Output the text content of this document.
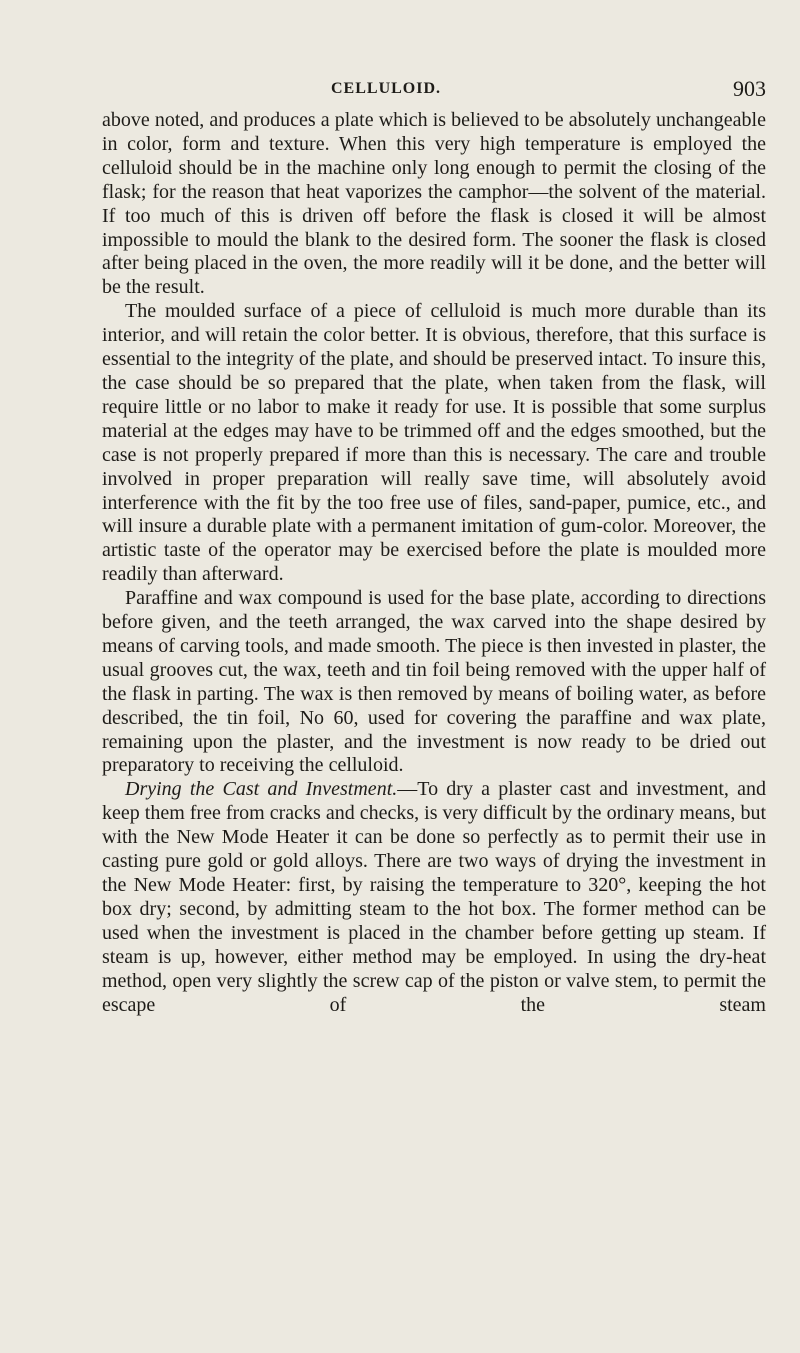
CELLULOID.	903

above noted, and produces a plate which is believed to be absolutely unchangeable in color, form and texture. When this very high temperature is employed the celluloid should be in the machine only long enough to permit the closing of the flask; for the reason that heat vaporizes the camphor—the solvent of the material. If too much of this is driven off before the flask is closed it will be almost impossible to mould the blank to the desired form. The sooner the flask is closed after being placed in the oven, the more readily will it be done, and the better will be the result.

The moulded surface of a piece of celluloid is much more durable than its interior, and will retain the color better. It is obvious, therefore, that this surface is essential to the integrity of the plate, and should be preserved intact. To insure this, the case should be so prepared that the plate, when taken from the flask, will require little or no labor to make it ready for use. It is possible that some surplus material at the edges may have to be trimmed off and the edges smoothed, but the case is not properly prepared if more than this is necessary. The care and trouble involved in proper preparation will really save time, will absolutely avoid interference with the fit by the too free use of files, sand-paper, pumice, etc., and will insure a durable plate with a permanent imitation of gum-color. Moreover, the artistic taste of the operator may be exercised before the plate is moulded more readily than afterward.

Paraffine and wax compound is used for the base plate, according to directions before given, and the teeth arranged, the wax carved into the shape desired by means of carving tools, and made smooth. The piece is then invested in plaster, the usual grooves cut, the wax, teeth and tin foil being removed with the upper half of the flask in parting. The wax is then removed by means of boiling water, as before described, the tin foil, No 60, used for covering the paraffine and wax plate, remaining upon the plaster, and the investment is now ready to be dried out preparatory to receiving the celluloid.

Drying the Cast and Investment.—To dry a plaster cast and investment, and keep them free from cracks and checks, is very difficult by the ordinary means, but with the New Mode Heater it can be done so perfectly as to permit their use in casting pure gold or gold alloys. There are two ways of drying the investment in the New Mode Heater: first, by raising the temperature to 320°, keeping the hot box dry; second, by admitting steam to the hot box. The former method can be used when the investment is placed in the chamber before getting up steam. If steam is up, however, either method may be employed. In using the dry-heat method, open very slightly the screw cap of the piston or valve stem, to permit the escape of the steam
